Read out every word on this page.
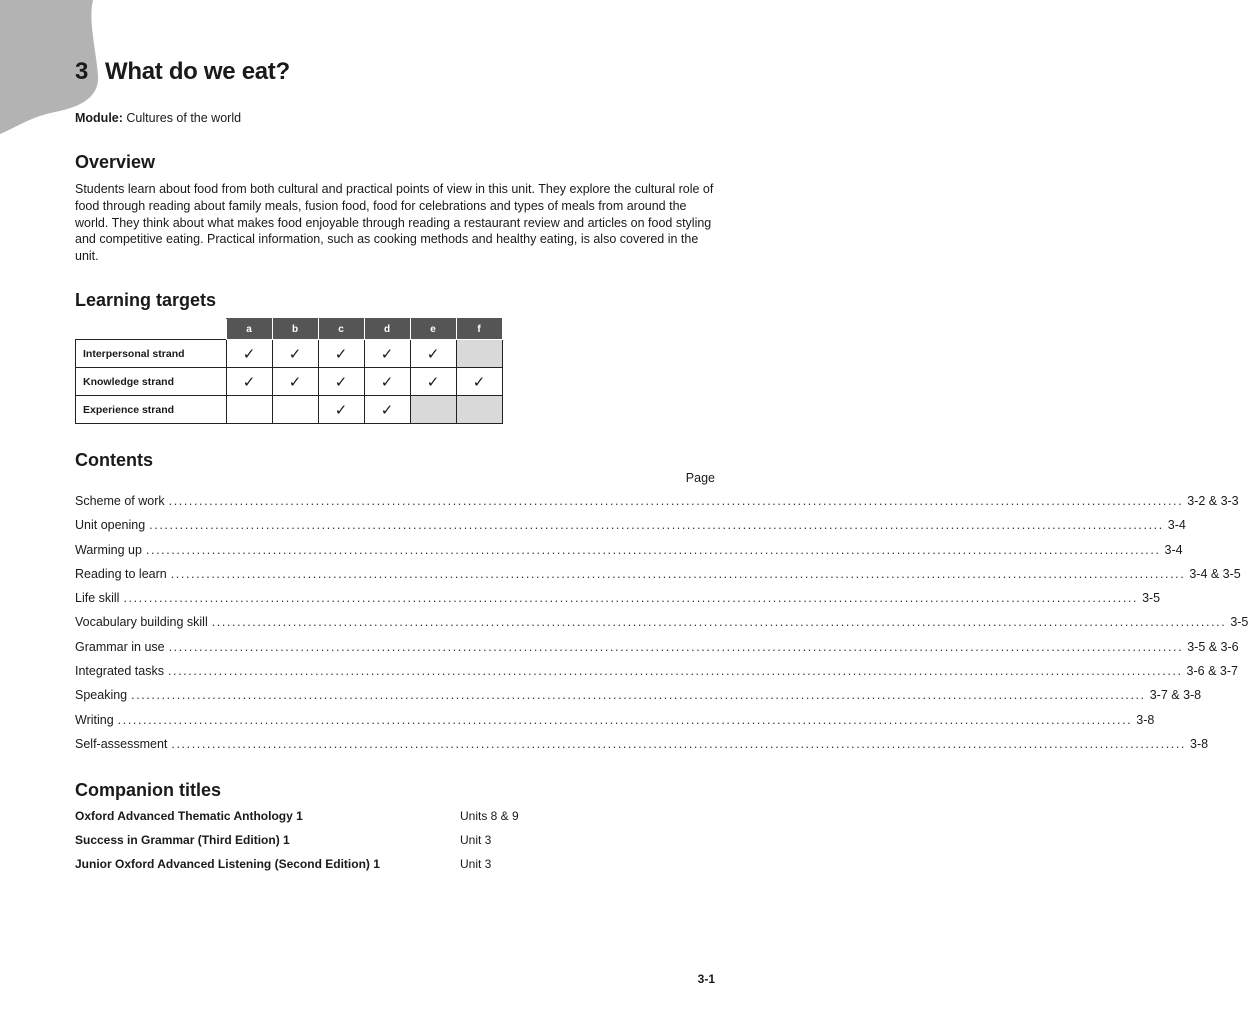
3 What do we eat?
Module: Cultures of the world
Overview

Students learn about food from both cultural and practical points of view in this unit. They explore the cultural role of food through reading about family meals, fusion food, food for celebrations and types of meals from around the world. They think about what makes food enjoyable through reading a restaurant review and articles on food styling and competitive eating. Practical information, such as cooking methods and healthy eating, is also covered in the unit.

Learning targets
	a	b	c	d	e	f
Interpersonal strand	✓	✓	✓	✓	✓	
Knowledge strand	✓	✓	✓	✓	✓	✓
Experience strand			✓	✓		
Contents
Page
Scheme of work ........................................................................................................................................................................................................ 3-2 & 3-3
Unit opening ........................................................................................................................................................................................................ 3-4
Warming up ........................................................................................................................................................................................................ 3-4
Reading to learn ........................................................................................................................................................................................................ 3-4 & 3-5
Life skill ........................................................................................................................................................................................................ 3-5
Vocabulary building skill ........................................................................................................................................................................................................ 3-5
Grammar in use ........................................................................................................................................................................................................ 3-5 & 3-6
Integrated tasks ........................................................................................................................................................................................................ 3-6 & 3-7
Speaking ........................................................................................................................................................................................................ 3-7 & 3-8
Writing ........................................................................................................................................................................................................ 3-8
Self-assessment ........................................................................................................................................................................................................ 3-8
Companion titles
Oxford Advanced Thematic Anthology 1	Units 8 & 9
Success in Grammar (Third Edition) 1	Unit 3
Junior Oxford Advanced Listening (Second Edition) 1	Unit 3
3-1
